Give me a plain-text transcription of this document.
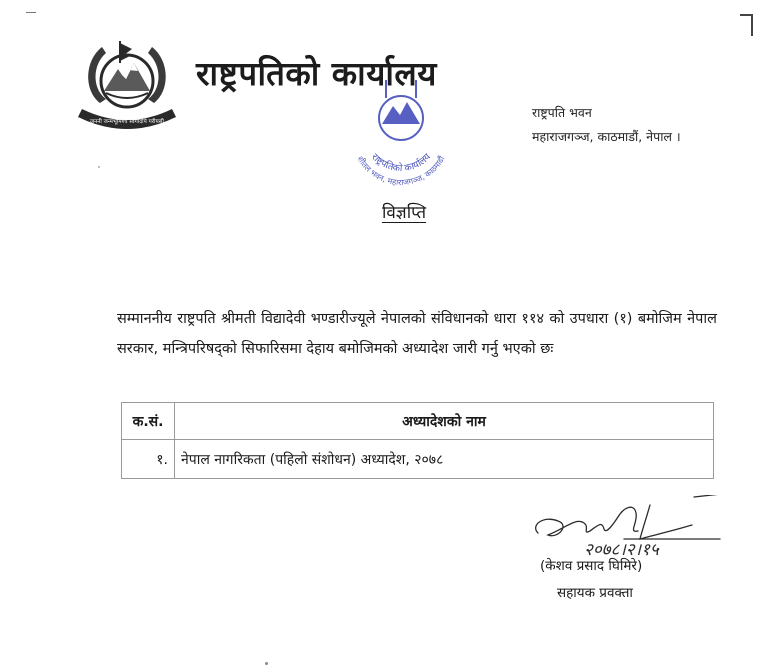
जननी जन्मभूमिश्च स्वर्गादपि गरीयसी
राष्ट्रपतिको कार्यालय
राष्ट्रपतिको कार्यालय
शीतल भवन, महाराजगञ्ज, काठमाडौं
राष्ट्रपति भवन
महाराजगञ्ज, काठमाडौं, नेपाल ।
विज्ञप्ति

सम्माननीय राष्ट्रपति श्रीमती विद्यादेवी भण्डारीज्यूले नेपालको संविधानको धारा ११४ को उपधारा (१) बमोजिम नेपाल सरकार, मन्त्रिपरिषद्को सिफारिसमा देहाय बमोजिमको अध्यादेश जारी गर्नु भएको छः

क.सं.	अध्यादेशको नाम
१.	नेपाल नागरिकता (पहिलो संशोधन) अध्यादेश, २०७८
२०७८।२।१५
(केशव प्रसाद घिमिरे)
सहायक प्रवक्ता
